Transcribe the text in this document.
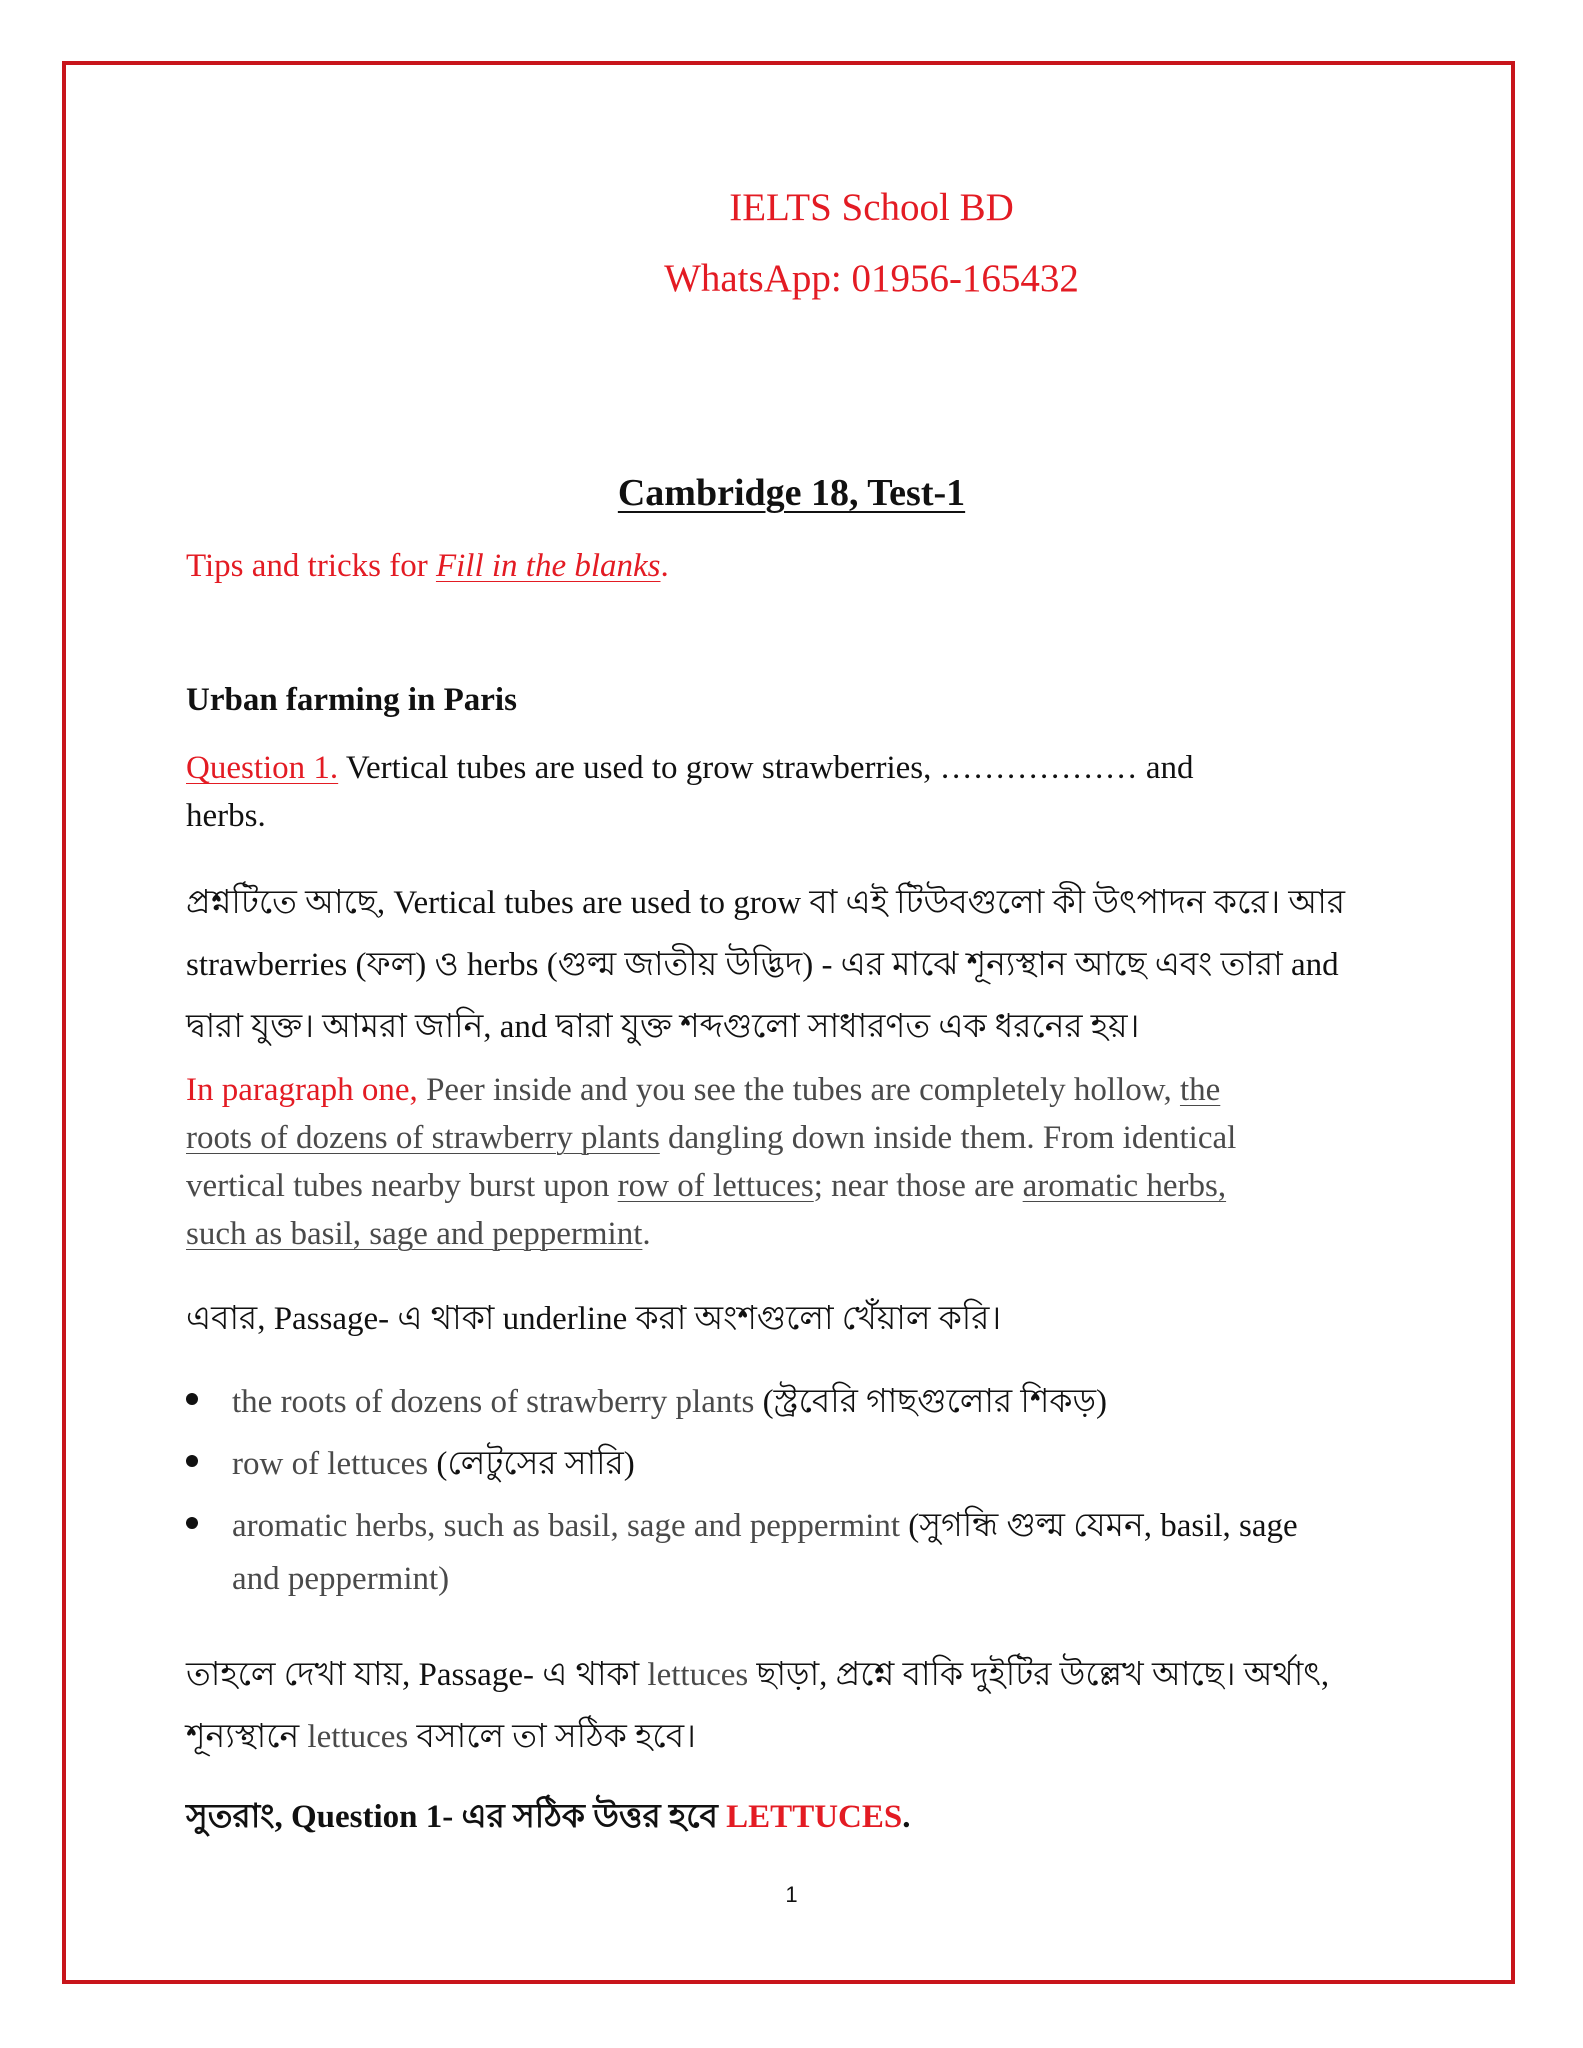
IELTS School BD
WhatsApp: 01956-165432
Cambridge 18, Test-1
Tips and tricks for Fill in the blanks.
Urban farming in Paris
Question 1. Vertical tubes are used to grow strawberries, ……………… and
herbs.
প্রশ্নটিতে আছে, Vertical tubes are used to grow বা এই টিউবগুলো কী উৎপাদন করে। আর
strawberries (ফল) ও herbs (গুল্ম জাতীয় উদ্ভিদ) - এর মাঝে শূন্যস্থান আছে এবং তারা and
দ্বারা যুক্ত। আমরা জানি, and দ্বারা যুক্ত শব্দগুলো সাধারণত এক ধরনের হয়।
In paragraph one, Peer inside and you see the tubes are completely hollow, the
roots of dozens of strawberry plants dangling down inside them. From identical
vertical tubes nearby burst upon row of lettuces; near those are aromatic herbs,
such as basil, sage and peppermint.
এবার, Passage- এ থাকা underline করা অংশগুলো খেঁয়াল করি।
the roots of dozens of strawberry plants (স্ট্রবেরি গাছগুলোর শিকড়)
row of lettuces (লেটুসের সারি)
aromatic herbs, such as basil, sage and peppermint (সুগন্ধি গুল্ম যেমন, basil, sage
and peppermint)
তাহলে দেখা যায়, Passage- এ থাকা lettuces ছাড়া, প্রশ্নে বাকি দুইটির উল্লেখ আছে। অর্থাৎ,
শূন্যস্থানে lettuces বসালে তা সঠিক হবে।
সুতরাং, Question 1- এর সঠিক উত্তর হবে LETTUCES.
1
